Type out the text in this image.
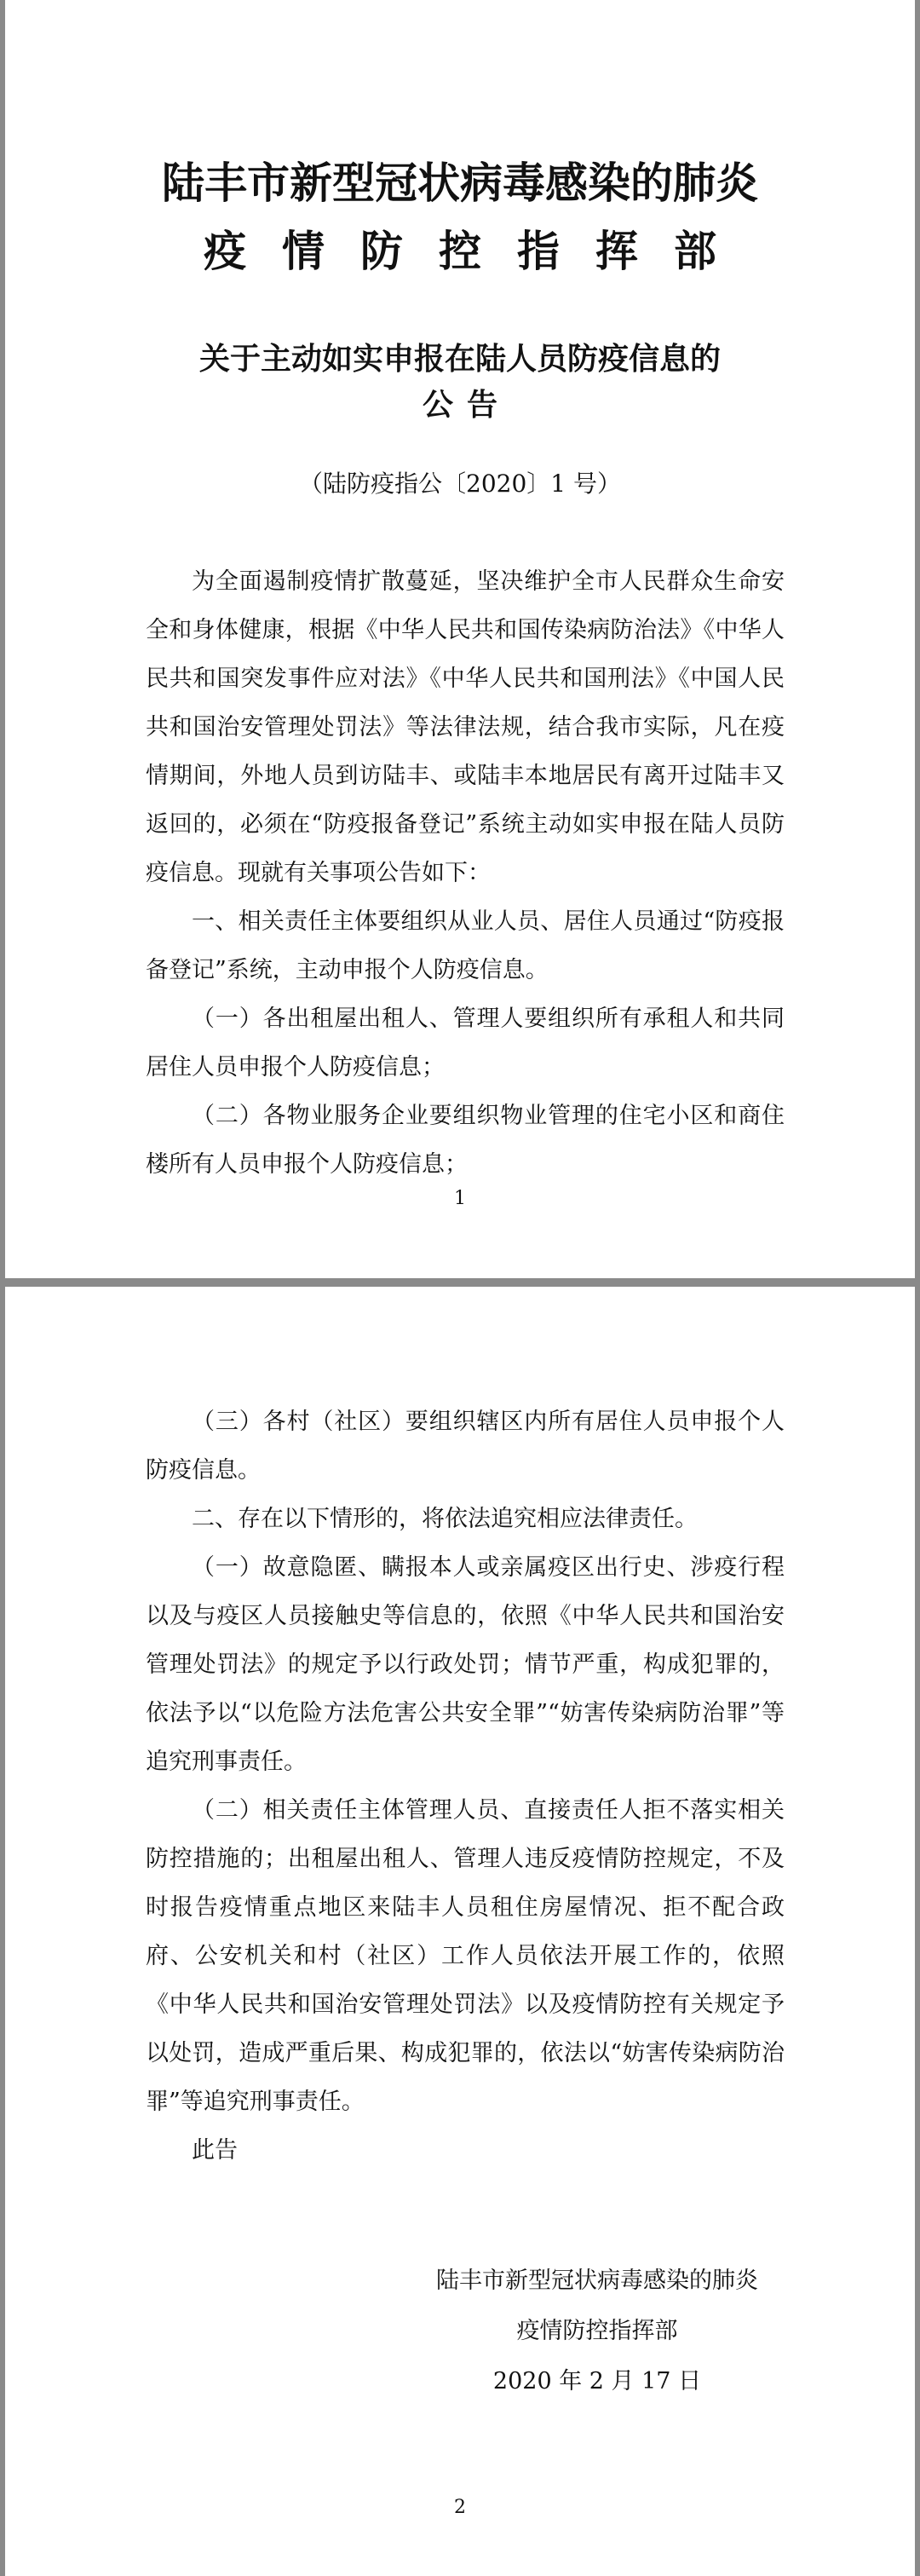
陆丰市新型冠状病毒感染的肺炎
疫情防控指挥部
关于主动如实申报在陆人员防疫信息的
公告
（陆防疫指公〔2020〕1 号）

为全面遏制疫情扩散蔓延，坚决维护全市人民群众生命安全和身体健康，根据《中华人民共和国传染病防治法》《中华人民共和国突发事件应对法》《中华人民共和国刑法》《中国人民共和国治安管理处罚法》等法律法规，结合我市实际，凡在疫情期间，外地人员到访陆丰、或陆丰本地居民有离开过陆丰又返回的，必须在“防疫报备登记”系统主动如实申报在陆人员防疫信息。现就有关事项公告如下：

一、相关责任主体要组织从业人员、居住人员通过“防疫报备登记”系统，主动申报个人防疫信息。

（一）各出租屋出租人、管理人要组织所有承租人和共同居住人员申报个人防疫信息；

（二）各物业服务企业要组织物业管理的住宅小区和商住楼所有人员申报个人防疫信息；

1

（三）各村（社区）要组织辖区内所有居住人员申报个人防疫信息。

二、存在以下情形的，将依法追究相应法律责任。

（一）故意隐匿、瞒报本人或亲属疫区出行史、涉疫行程以及与疫区人员接触史等信息的，依照《中华人民共和国治安管理处罚法》的规定予以行政处罚；情节严重，构成犯罪的，依法予以“以危险方法危害公共安全罪”“妨害传染病防治罪”等追究刑事责任。

（二）相关责任主体管理人员、直接责任人拒不落实相关防控措施的；出租屋出租人、管理人违反疫情防控规定，不及时报告疫情重点地区来陆丰人员租住房屋情况、拒不配合政府、公安机关和村（社区）工作人员依法开展工作的，依照《中华人民共和国治安管理处罚法》以及疫情防控有关规定予以处罚，造成严重后果、构成犯罪的，依法以“妨害传染病防治罪”等追究刑事责任。

此告

陆丰市新型冠状病毒感染的肺炎
疫情防控指挥部
2020 年 2 月 17 日
2
